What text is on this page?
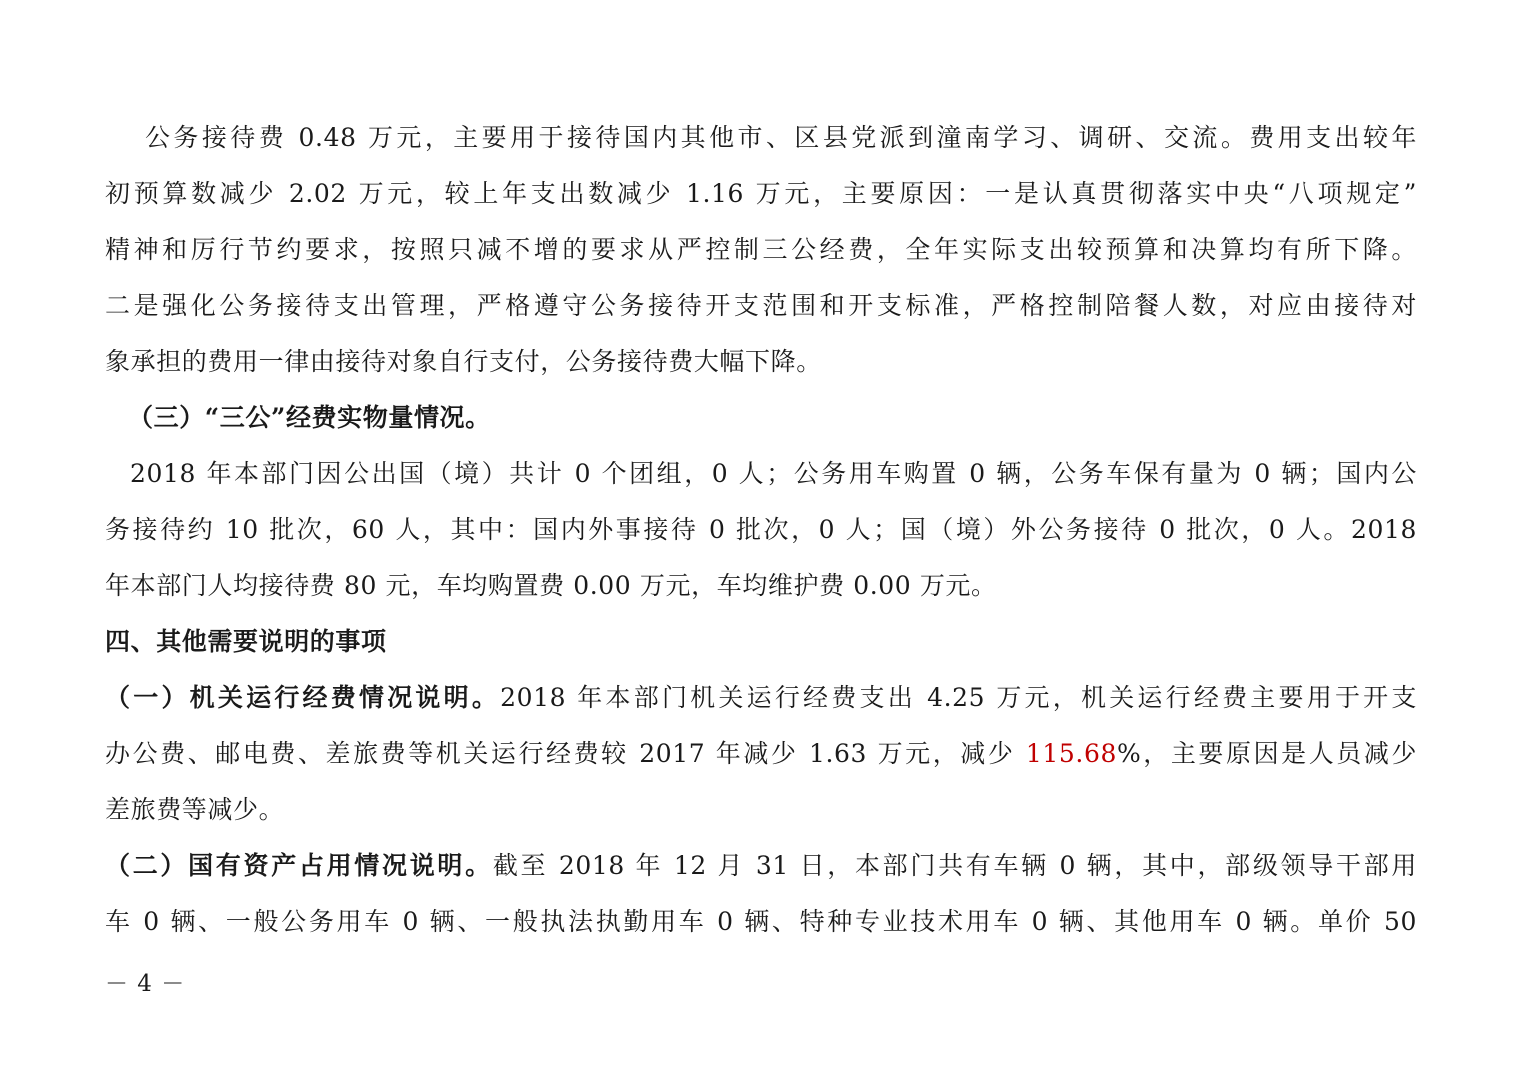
公务接待费 0.48 万元，主要用于接待国内其他市、区县党派到潼南学习、调研、交流。费用支出较年
初预算数减少 2.02 万元，较上年支出数减少 1.16 万元，主要原因：一是认真贯彻落实中央“八项规定”
精神和厉行节约要求，按照只减不增的要求从严控制三公经费，全年实际支出较预算和决算均有所下降。
二是强化公务接待支出管理，严格遵守公务接待开支范围和开支标准，严格控制陪餐人数，对应由接待对
象承担的费用一律由接待对象自行支付，公务接待费大幅下降。
（三）“三公”经费实物量情况。
2018 年本部门因公出国（境）共计 0 个团组，0 人；公务用车购置 0 辆，公务车保有量为 0 辆；国内公
务接待约 10 批次，60 人，其中：国内外事接待 0 批次，0 人；国（境）外公务接待 0 批次，0 人。2018
年本部门人均接待费 80 元，车均购置费 0.00 万元，车均维护费 0.00 万元。
四、其他需要说明的事项
（一）机关运行经费情况说明。2018 年本部门机关运行经费支出 4.25 万元，机关运行经费主要用于开支
办公费、邮电费、差旅费等机关运行经费较 2017 年减少 1.63 万元，减少 115.68%，主要原因是人员减少
差旅费等减少。
（二）国有资产占用情况说明。截至 2018 年 12 月 31 日，本部门共有车辆 0 辆，其中，部级领导干部用
车 0 辆、一般公务用车 0 辆、一般执法执勤用车 0 辆、特种专业技术用车 0 辆、其他用车 0 辆。单价 50
－ 4 －
